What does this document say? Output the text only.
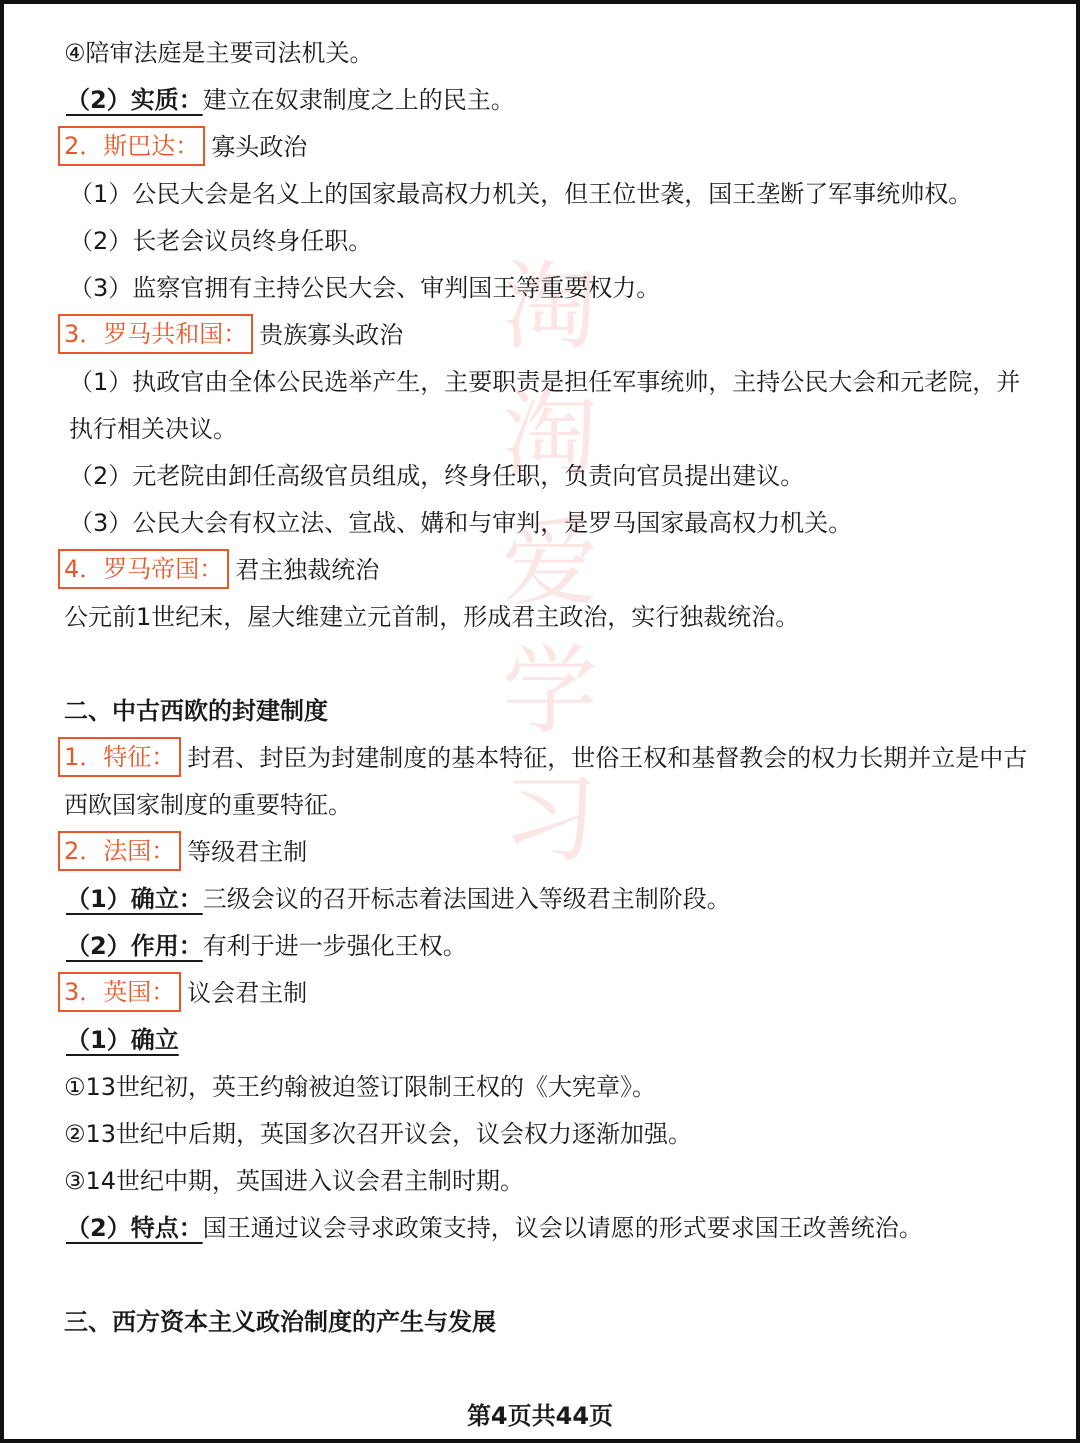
淘
淘
爱
学
习
④陪审法庭是主要司法机关。
（2）实质：建立在奴隶制度之上的民主。
2．斯巴达： 寡头政治
（1）公民大会是名义上的国家最高权力机关，但王位世袭，国王垄断了军事统帅权。
（2）长老会议员终身任职。
（3）监察官拥有主持公民大会、审判国王等重要权力。
3．罗马共和国： 贵族寡头政治
（1）执政官由全体公民选举产生，主要职责是担任军事统帅，主持公民大会和元老院，并执行相关决议。
（2）元老院由卸任高级官员组成，终身任职，负责向官员提出建议。
（3）公民大会有权立法、宣战、媾和与审判，是罗马国家最高权力机关。
4．罗马帝国： 君主独裁统治
公元前1世纪末，屋大维建立元首制，形成君主政治，实行独裁统治。
二、中古西欧的封建制度
1．特征： 封君、封臣为封建制度的基本特征，世俗王权和基督教会的权力长期并立是中古西欧国家制度的重要特征。
2．法国： 等级君主制
（1）确立：三级会议的召开标志着法国进入等级君主制阶段。
（2）作用：有利于进一步强化王权。
3．英国： 议会君主制
（1）确立
①13世纪初，英王约翰被迫签订限制王权的《大宪章》。
②13世纪中后期，英国多次召开议会，议会权力逐渐加强。
③14世纪中期，英国进入议会君主制时期。
（2）特点：国王通过议会寻求政策支持，议会以请愿的形式要求国王改善统治。
三、西方资本主义政治制度的产生与发展
第4页共44页
